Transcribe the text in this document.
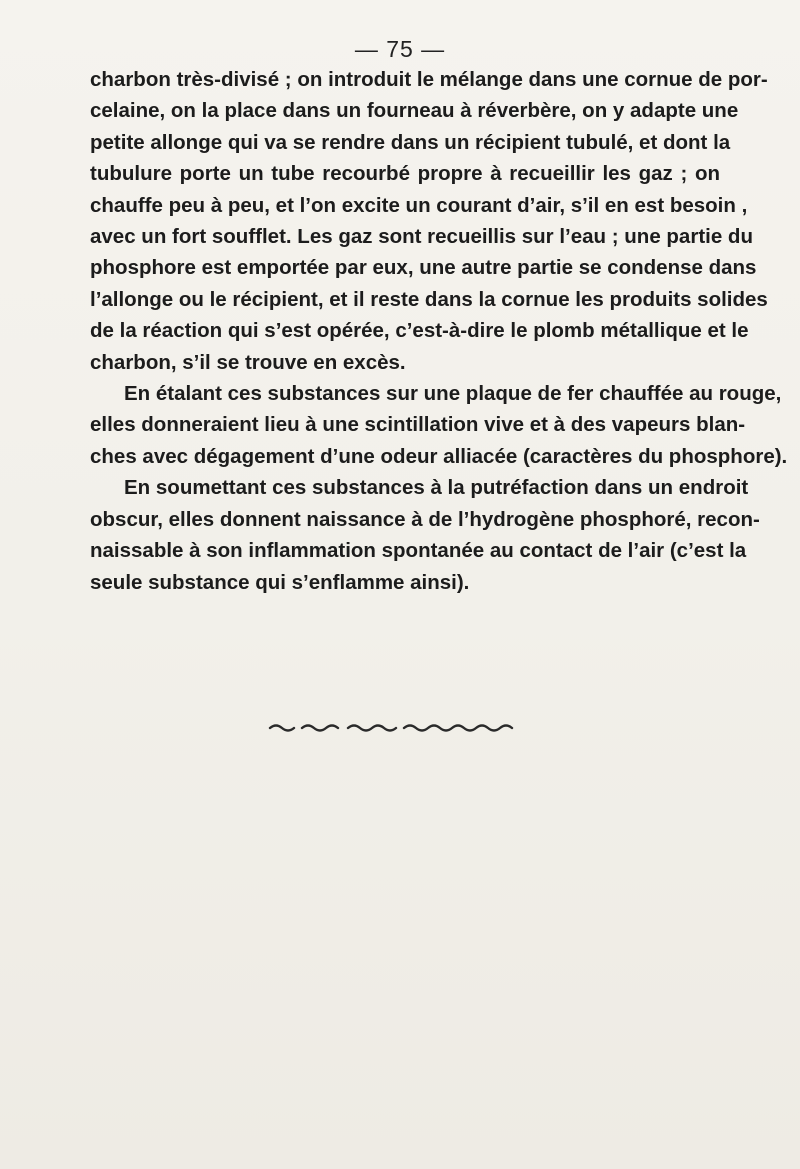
— 75 —
charbon très-divisé ; on introduit le mélange dans une cornue de por-
celaine, on la place dans un fourneau à réverbère, on y adapte une
petite allonge qui va se rendre dans un récipient tubulé, et dont la
tubulure porte un tube recourbé propre à recueillir les gaz ; on
chauffe peu à peu, et l’on excite un courant d’air, s’il en est besoin ,
avec un fort soufflet. Les gaz sont recueillis sur l’eau ; une partie du
phosphore est emportée par eux, une autre partie se condense dans
l’allonge ou le récipient, et il reste dans la cornue les produits solides
de la réaction qui s’est opérée, c’est-à-dire le plomb métallique et le
charbon, s’il se trouve en excès.
En étalant ces substances sur une plaque de fer chauffée au rouge,
elles donneraient lieu à une scintillation vive et à des vapeurs blan-
ches avec dégagement d’une odeur alliacée (caractères du phosphore).
En soumettant ces substances à la putréfaction dans un endroit
obscur, elles donnent naissance à de l’hydrogène phosphoré, recon-
naissable à son inflammation spontanée au contact de l’air (c’est la
seule substance qui s’enflamme ainsi).
